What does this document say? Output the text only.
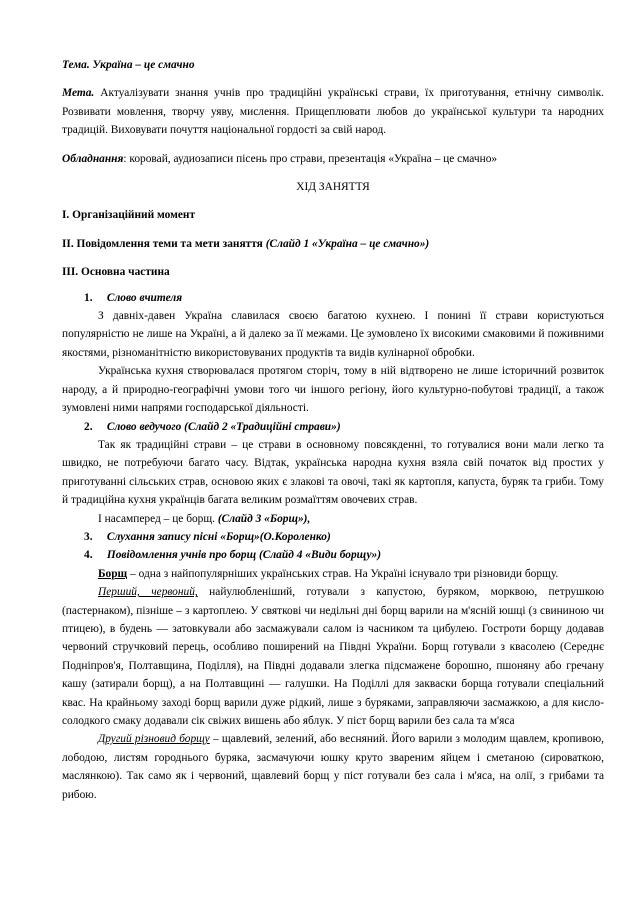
Тема. Україна – це смачно

Мета. Актуалізувати знання учнів про традиційні українські страви, їх приготування, етнічну символік. Розвивати мовлення, творчу уяву, мислення. Прищеплювати любов до української культури та народних традицій. Виховувати почуття національної гордості за свій народ.

Обладнання: коровай, аудиозаписи пісень про страви, презентація «Україна – це смачно»

ХІД ЗАНЯТТЯ

І. Організаційний момент

ІІ. Повідомлення теми та мети заняття (Слайд 1 «Україна – це смачно»)

ІІІ. Основна частина

1. Слово вчителя

З давніх-давен Україна славилася своєю багатою кухнею. І понині її страви користуються популярністю не лише на Україні, а й далеко за її межами. Це зумовлено їх високими смаковими й поживними якостями, різноманітністю використовуваних продуктів та видів кулінарної обробки.

Українська кухня створювалася протягом сторіч, тому в ній відтворено не лише історичний розвиток народу, а й природно-географічні умови того чи іншого регіону, його культурно-побутові традиції, а також зумовлені ними напрями господарської діяльності.

2. Слово ведучого (Слайд 2 «Традиційні страви»)

Так як традиційні страви – це страви в основному повсякденні, то готувалися вони мали легко та швидко, не потребуючи багато часу. Відтак, українська народна кухня взяла свій початок від простих у приготуванні сільських страв, основою яких є злакові та овочі, такі як картопля, капуста, буряк та гриби. Тому й традиційна кухня українців багата великим розмаїттям овочевих страв.

І насамперед – це борщ. (Слайд 3 «Борщ»),

3. Слухання запису пісні «Борщ»(О.Короленко)

4. Повідомлення учнів про борщ (Слайд 4 «Види борщу»)

Борщ – одна з найпопулярніших українських страв. На Україні існувало три різновиди борщу.

Перший, червоний, найулюбленіший, готували з капустою, буряком, морквою, петрушкою (пастернаком), пізніше – з картоплею. У святкові чи недільні дні борщ варили на м'ясній юшці (з свининою чи птицею), в будень — затовкували або засмажували салом із часником та цибулею. Гостроти борщу додавав червоний стручковий перець, особливо поширений на Півдні України. Борщ готували з квасолею (Середнє Подніпров'я, Полтавщина, Поділля), на Півдні додавали злегка підсмажене борошно, пшоняну або гречану кашу (затирали борщ), а на Полтавщині — галушки. На Поділлі для закваски борща готували спеціальний квас. На крайньому заході борщ варили дуже рідкий, лише з буряками, заправляючи засмажкою, а для кисло-солодкого смаку додавали сік свіжих вишень або яблук. У піст борщ варили без сала та м'яса

Другий різновид борщу – щавлевий, зелений, або весняний. Його варили з молодим щавлем, кропивою, лободою, листям городнього буряка, засмачуючи юшку круто звареним яйцем і сметаною (сироваткою, маслянкою). Так само як і червоний, щавлевий борщ у піст готували без сала і м'яса, на олії, з грибами та рибою.
